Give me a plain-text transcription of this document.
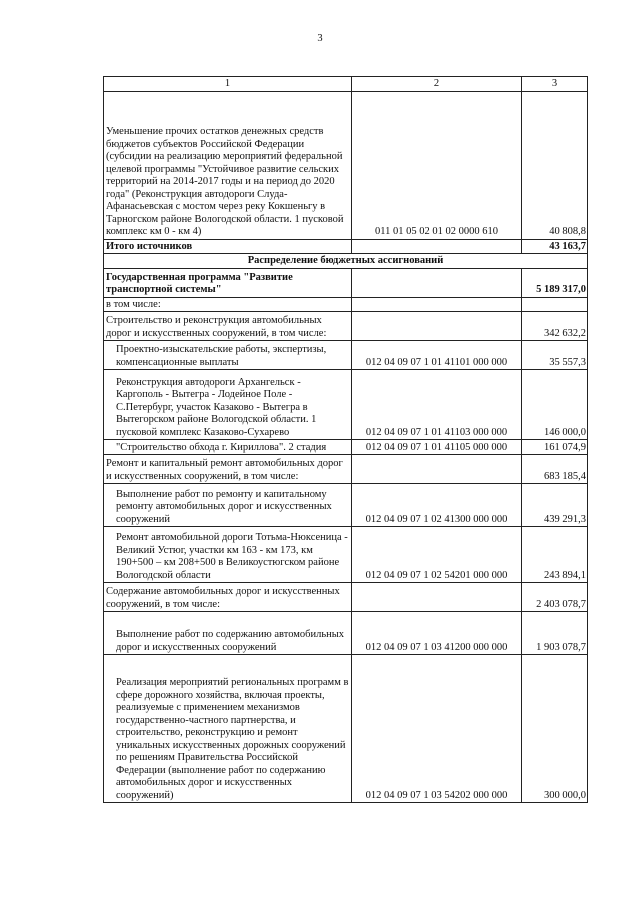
3
1	2	3
Уменьшение прочих остатков денежных средств бюджетов субъектов Российской Федерации (субсидии на реализацию мероприятий федеральной целевой программы "Устойчивое развитие сельских территорий на 2014-2017 годы и на период до 2020 года" (Реконструкция автодороги Слуда-Афанасьевская с мостом через реку Кокшеньгу в Тарногском районе Вологодской области. 1 пусковой комплекс км 0 - км 4)	011 01 05 02 01 02 0000 610	40 808,8
Итого источников		43 163,7
Распределение бюджетных ассигнований		
Государственная программа "Развитие транспортной системы"		5 189 317,0
в том числе:		
Строительство и реконструкция автомобильных дорог и искусственных сооружений, в том числе:		342 632,2
Проектно-изыскательские работы, экспертизы, компенсационные выплаты	012 04 09 07 1 01 41101 000 000	35 557,3
Реконструкция автодороги Архангельск - Каргополь - Вытегра - Лодейное Поле - С.Петербург, участок Казаково - Вытегра в Вытегорском районе Вологодской области. 1 пусковой комплекс Казаково-Сухарево	012 04 09 07 1 01 41103 000 000	146 000,0
"Строительство обхода г. Кириллова". 2 стадия	012 04 09 07 1 01 41105 000 000	161 074,9
Ремонт и капитальный ремонт автомобильных дорог и искусственных сооружений, в том числе:		683 185,4
Выполнение работ по ремонту и капитальному ремонту автомобильных дорог и искусственных сооружений	012 04 09 07 1 02 41300 000 000	439 291,3
Ремонт автомобильной дороги Тотьма-Нюксеница - Великий Устюг, участки км 163 - км 173, км 190+500 – км 208+500 в Великоустюгском районе Вологодской области	012 04 09 07 1 02 54201 000 000	243 894,1
Содержание автомобильных дорог и искусственных сооружений, в том числе:		2 403 078,7
Выполнение работ по содержанию автомобильных дорог и искусственных сооружений	012 04 09 07 1 03 41200 000 000	1 903 078,7
Реализация мероприятий региональных программ в сфере дорожного хозяйства, включая проекты, реализуемые с применением механизмов государственно-частного партнерства, и строительство, реконструкцию и ремонт уникальных искусственных дорожных сооружений по решениям Правительства Российской Федерации (выполнение работ по содержанию автомобильных дорог и искусственных сооружений)	012 04 09 07 1 03 54202 000 000	300 000,0
